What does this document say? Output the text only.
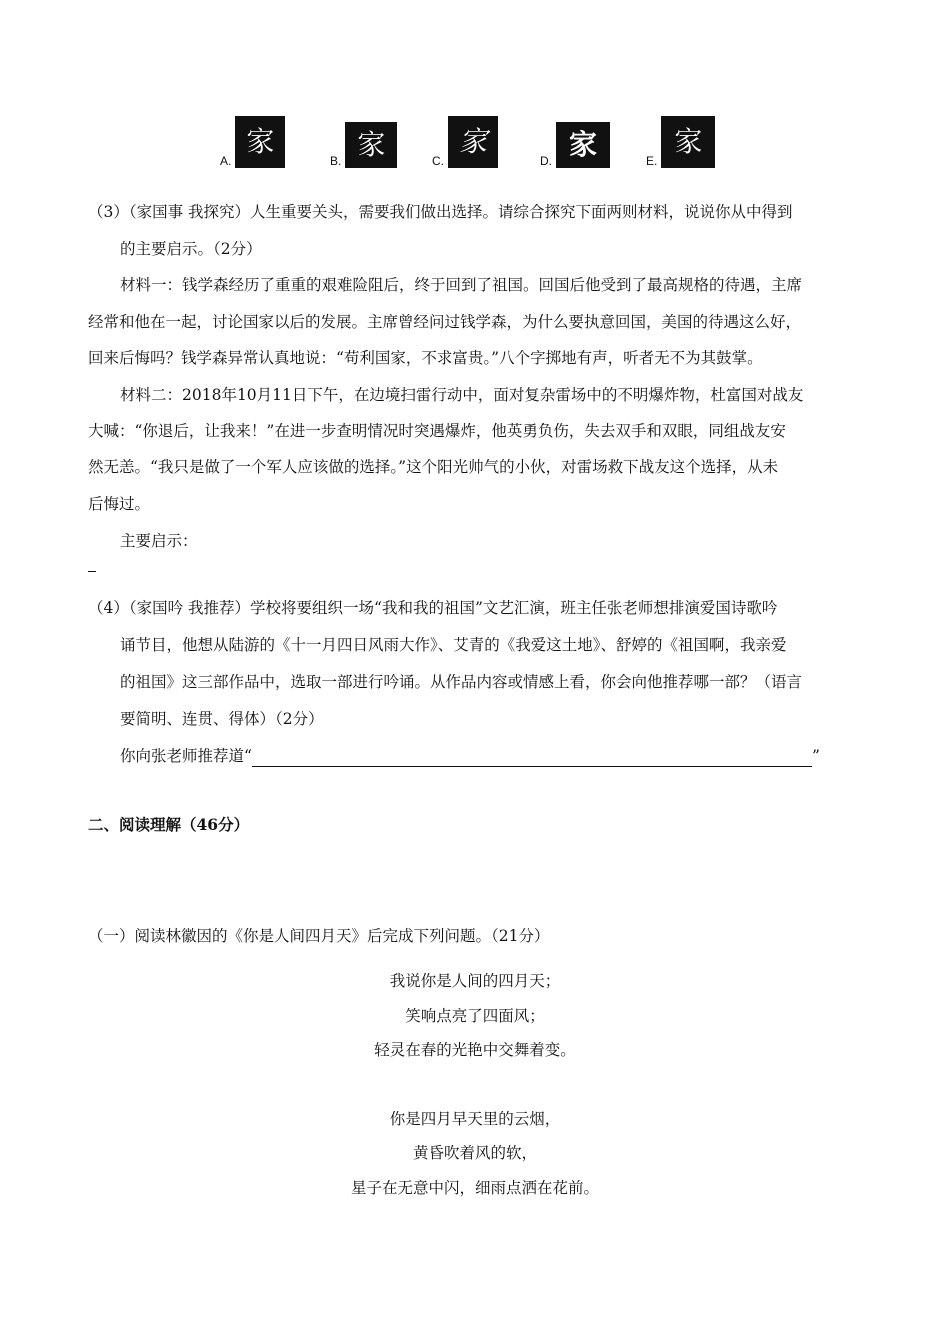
A.
家
B. 家	C.
家
D. 家	E.
家
（3）（家国事 我探究）人生重要关头，需要我们做出选择。请综合探究下面两则材料，说说你从中得到
的主要启示。（2分）
材料一：钱学森经历了重重的艰难险阻后，终于回到了祖国。回国后他受到了最高规格的待遇，主席
经常和他在一起，讨论国家以后的发展。主席曾经问过钱学森，为什么要执意回国，美国的待遇这么好，
回来后悔吗？钱学森异常认真地说：“苟利国家，不求富贵。”八个字掷地有声，听者无不为其鼓掌。
材料二：2018年10月11日下午，在边境扫雷行动中，面对复杂雷场中的不明爆炸物，杜富国对战友
大喊：“你退后，让我来！”在进一步查明情况时突遇爆炸，他英勇负伤，失去双手和双眼，同组战友安
然无恙。“我只是做了一个军人应该做的选择。”这个阳光帅气的小伙，对雷场救下战友这个选择，从未
后悔过。
主要启示：
（4）（家国吟 我推荐）学校将要组织一场“我和我的祖国”文艺汇演，班主任张老师想排演爱国诗歌吟
诵节目，他想从陆游的《十一月四日风雨大作》、艾青的《我爱这土地》、舒婷的《祖国啊，我亲爱
的祖国》这三部作品中，选取一部进行吟诵。从作品内容或情感上看，你会向他推荐哪一部？（语言
要简明、连贯、得体）（2分）
你向张老师推荐道“	”
二、阅读理解（46分）
（一）阅读林徽因的《你是人间四月天》后完成下列问题。（21分）
我说你是人间的四月天；
笑响点亮了四面风；
轻灵在春的光艳中交舞着变。
你是四月早天里的云烟，
黄昏吹着风的软，
星子在无意中闪，细雨点洒在花前。
